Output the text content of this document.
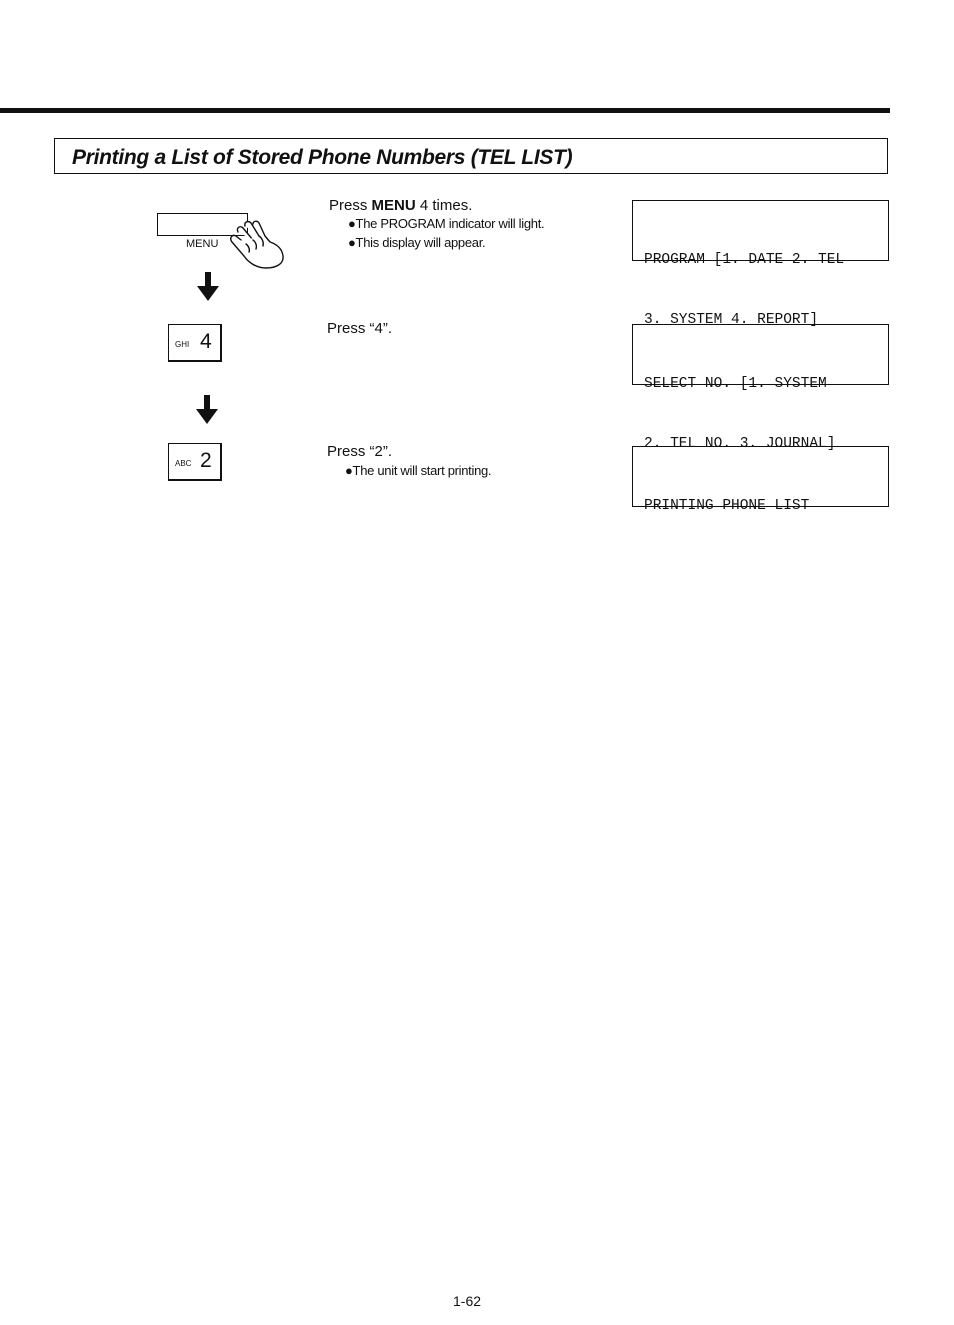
Printing a List of Stored Phone Numbers (TEL LIST)
MENU
GHI 4
ABC 2
Press MENU 4 times.
●The PROGRAM indicator will light.
●This display will appear.
Press “4”.
Press “2”.
●The unit will start printing.

PROGRAM [1. DATE 2. TEL

3. SYSTEM 4. REPORT]

SELECT NO. [1. SYSTEM

2. TEL NO. 3. JOURNAL]

PRINTING PHONE LIST

1-62
